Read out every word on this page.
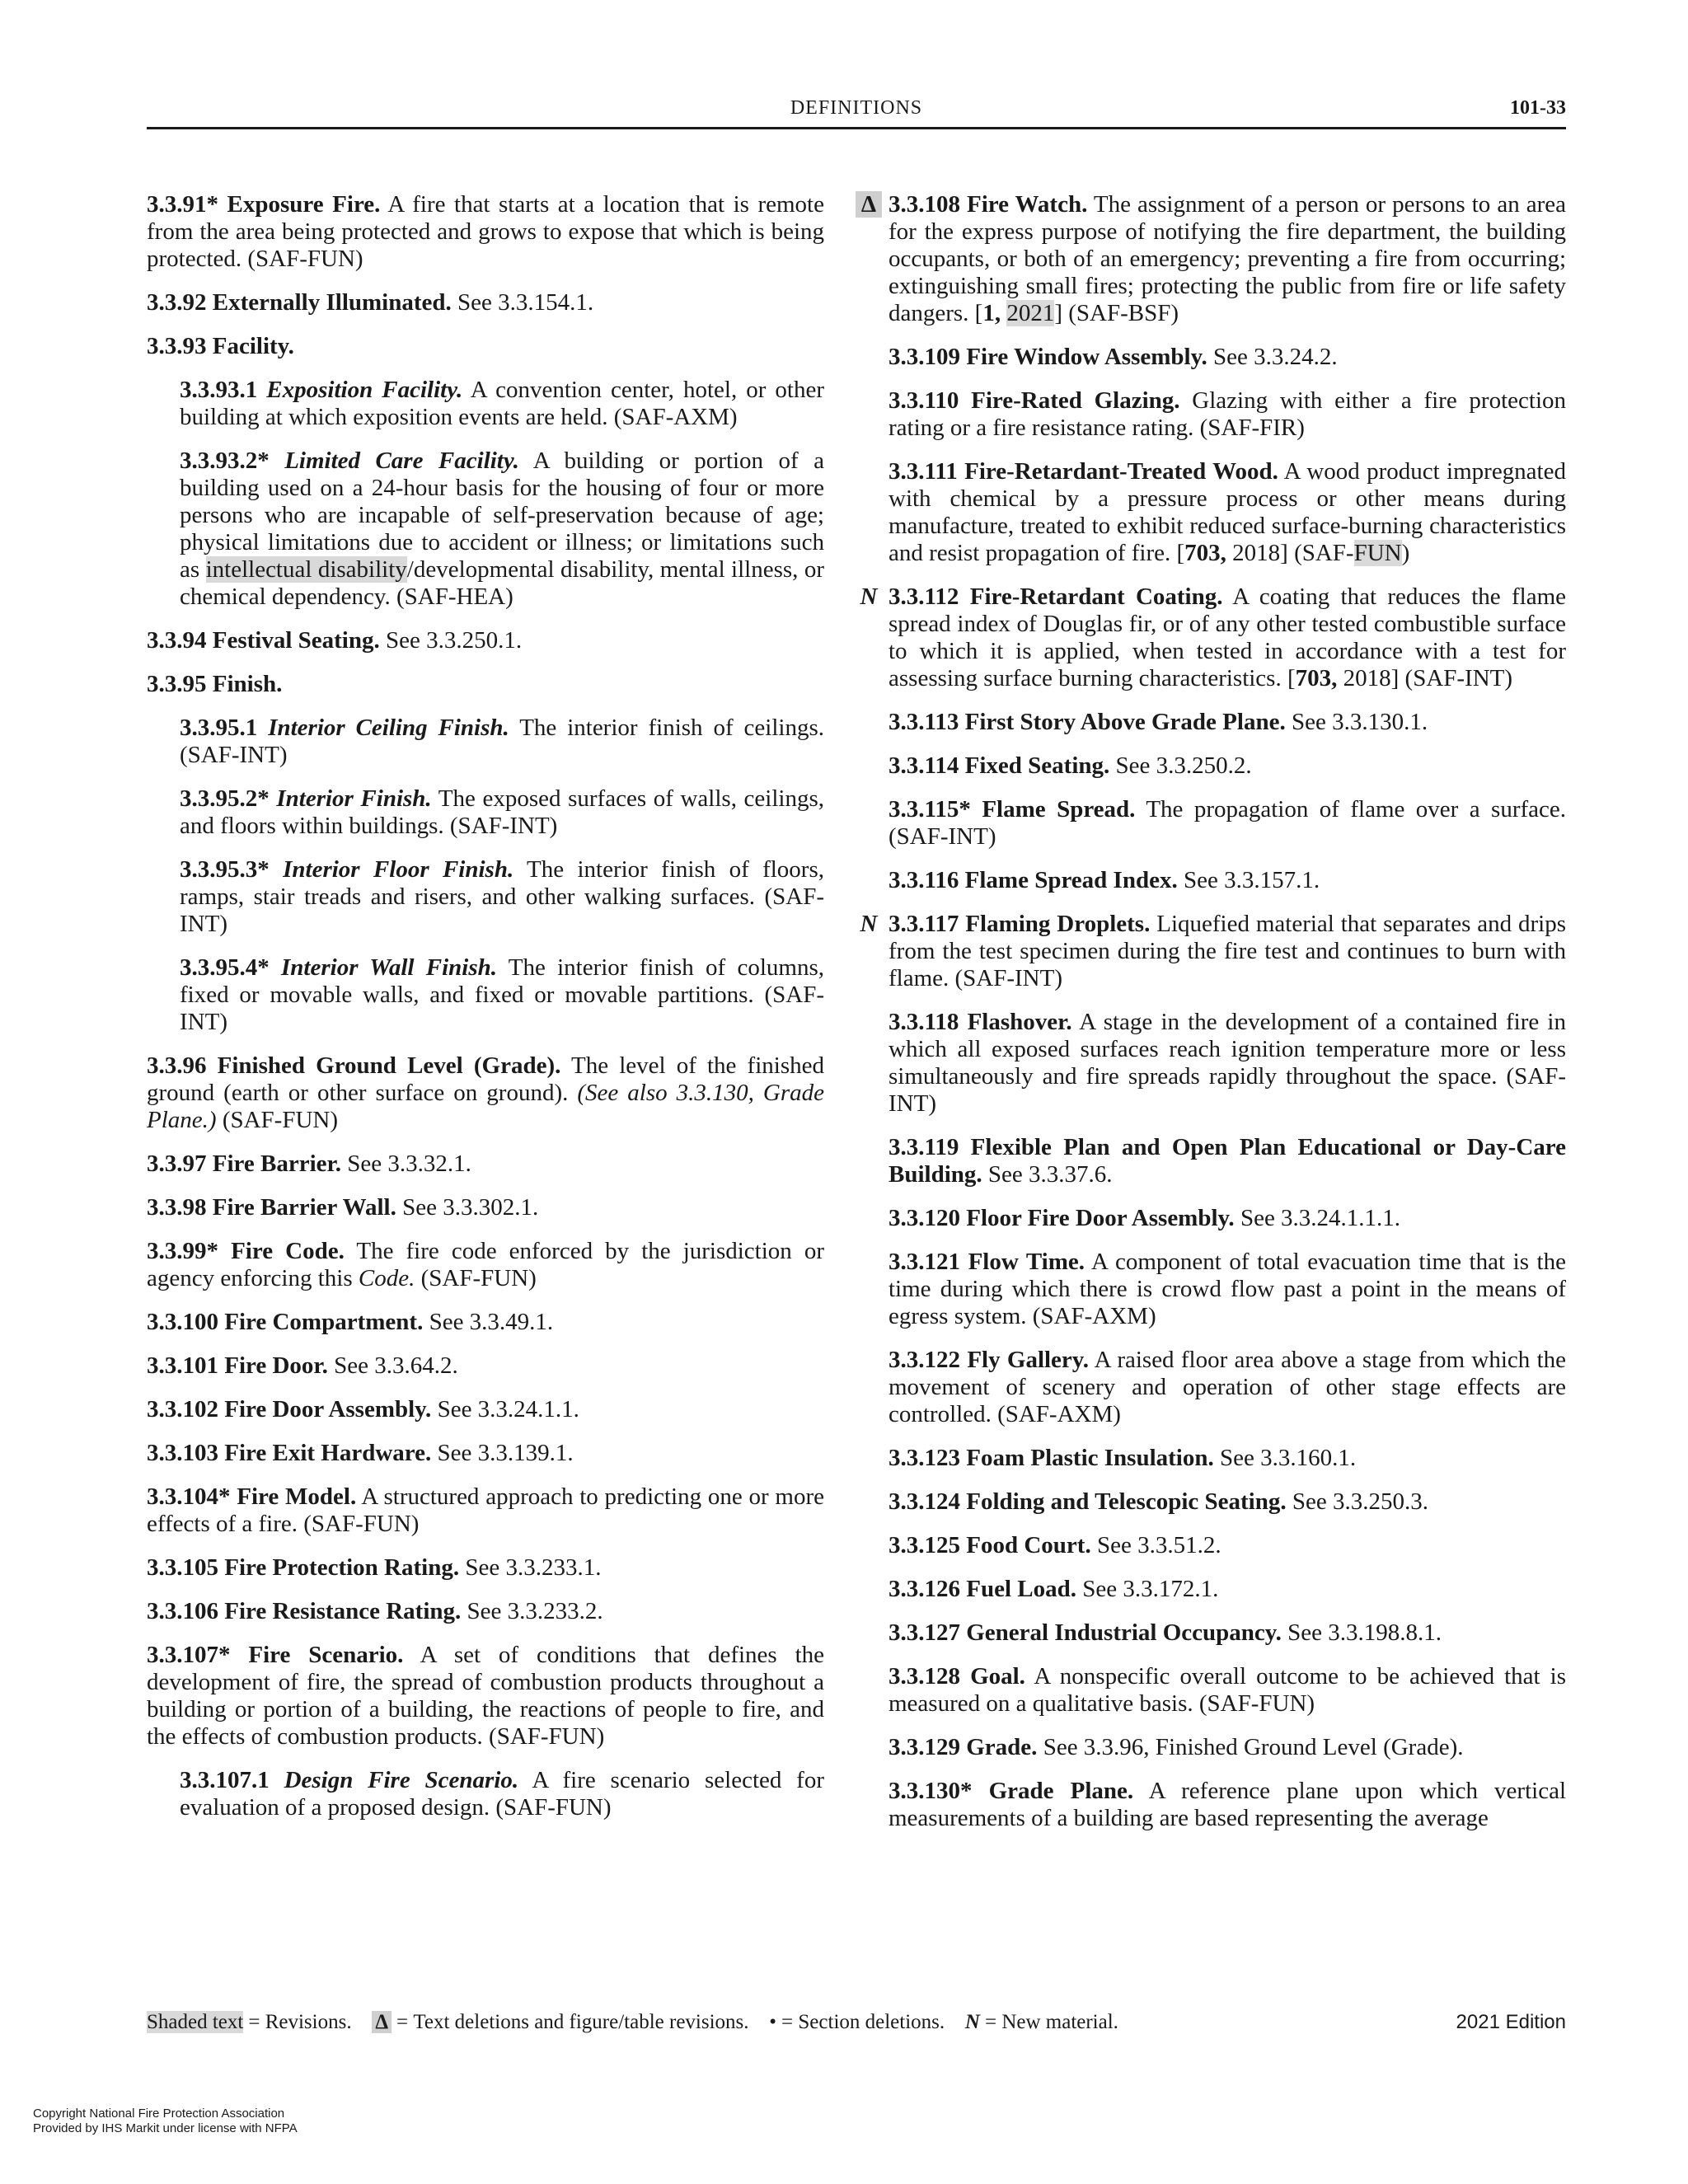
DEFINITIONS	101-33

3.3.91* Exposure Fire. A fire that starts at a location that is remote from the area being protected and grows to expose that which is being protected. (SAF-FUN)

3.3.92 Externally Illuminated. See 3.3.154.1.

3.3.93 Facility.

3.3.93.1 Exposition Facility. A convention center, hotel, or other building at which exposition events are held. (SAF-AXM)

3.3.93.2* Limited Care Facility. A building or portion of a building used on a 24-hour basis for the housing of four or more persons who are incapable of self-preservation because of age; physical limitations due to accident or illness; or limitations such as intellectual disability/developmental disability, mental illness, or chemical dependency. (SAF-HEA)

3.3.94 Festival Seating. See 3.3.250.1.

3.3.95 Finish.

3.3.95.1 Interior Ceiling Finish. The interior finish of ceilings. (SAF-INT)

3.3.95.2* Interior Finish. The exposed surfaces of walls, ceilings, and floors within buildings. (SAF-INT)

3.3.95.3* Interior Floor Finish. The interior finish of floors, ramps, stair treads and risers, and other walking surfaces. (SAF-INT)

3.3.95.4* Interior Wall Finish. The interior finish of columns, fixed or movable walls, and fixed or movable partitions. (SAF-INT)

3.3.96 Finished Ground Level (Grade). The level of the finished ground (earth or other surface on ground). (See also 3.3.130, Grade Plane.) (SAF-FUN)

3.3.97 Fire Barrier. See 3.3.32.1.

3.3.98 Fire Barrier Wall. See 3.3.302.1.

3.3.99* Fire Code. The fire code enforced by the jurisdiction or agency enforcing this Code. (SAF-FUN)

3.3.100 Fire Compartment. See 3.3.49.1.

3.3.101 Fire Door. See 3.3.64.2.

3.3.102 Fire Door Assembly. See 3.3.24.1.1.

3.3.103 Fire Exit Hardware. See 3.3.139.1.

3.3.104* Fire Model. A structured approach to predicting one or more effects of a fire. (SAF-FUN)

3.3.105 Fire Protection Rating. See 3.3.233.1.

3.3.106 Fire Resistance Rating. See 3.3.233.2.

3.3.107* Fire Scenario. A set of conditions that defines the development of fire, the spread of combustion products throughout a building or portion of a building, the reactions of people to fire, and the effects of combustion products. (SAF-FUN)

3.3.107.1 Design Fire Scenario. A fire scenario selected for evaluation of a proposed design. (SAF-FUN)

Δ 3.3.108 Fire Watch. The assignment of a person or persons to an area for the express purpose of notifying the fire department, the building occupants, or both of an emergency; preventing a fire from occurring; extinguishing small fires; protecting the public from fire or life safety dangers. [1, 2021] (SAF-BSF)

3.3.109 Fire Window Assembly. See 3.3.24.2.

3.3.110 Fire-Rated Glazing. Glazing with either a fire protection rating or a fire resistance rating. (SAF-FIR)

3.3.111 Fire-Retardant-Treated Wood. A wood product impregnated with chemical by a pressure process or other means during manufacture, treated to exhibit reduced surface-burning characteristics and resist propagation of fire. [703, 2018] (SAF-FUN)

N 3.3.112 Fire-Retardant Coating. A coating that reduces the flame spread index of Douglas fir, or of any other tested combustible surface to which it is applied, when tested in accordance with a test for assessing surface burning characteristics. [703, 2018] (SAF-INT)

3.3.113 First Story Above Grade Plane. See 3.3.130.1.

3.3.114 Fixed Seating. See 3.3.250.2.

3.3.115* Flame Spread. The propagation of flame over a surface. (SAF-INT)

3.3.116 Flame Spread Index. See 3.3.157.1.

N 3.3.117 Flaming Droplets. Liquefied material that separates and drips from the test specimen during the fire test and continues to burn with flame. (SAF-INT)

3.3.118 Flashover. A stage in the development of a contained fire in which all exposed surfaces reach ignition temperature more or less simultaneously and fire spreads rapidly throughout the space. (SAF-INT)

3.3.119 Flexible Plan and Open Plan Educational or Day-Care Building. See 3.3.37.6.

3.3.120 Floor Fire Door Assembly. See 3.3.24.1.1.1.

3.3.121 Flow Time. A component of total evacuation time that is the time during which there is crowd flow past a point in the means of egress system. (SAF-AXM)

3.3.122 Fly Gallery. A raised floor area above a stage from which the movement of scenery and operation of other stage effects are controlled. (SAF-AXM)

3.3.123 Foam Plastic Insulation. See 3.3.160.1.

3.3.124 Folding and Telescopic Seating. See 3.3.250.3.

3.3.125 Food Court. See 3.3.51.2.

3.3.126 Fuel Load. See 3.3.172.1.

3.3.127 General Industrial Occupancy. See 3.3.198.8.1.

3.3.128 Goal. A nonspecific overall outcome to be achieved that is measured on a qualitative basis. (SAF-FUN)

3.3.129 Grade. See 3.3.96, Finished Ground Level (Grade).

3.3.130* Grade Plane. A reference plane upon which vertical measurements of a building are based representing the average

Shaded text = Revisions. Δ = Text deletions and figure/table revisions. • = Section deletions. N = New material.	2021 Edition
Copyright National Fire Protection Association
Provided by IHS Markit under license with NFPA
